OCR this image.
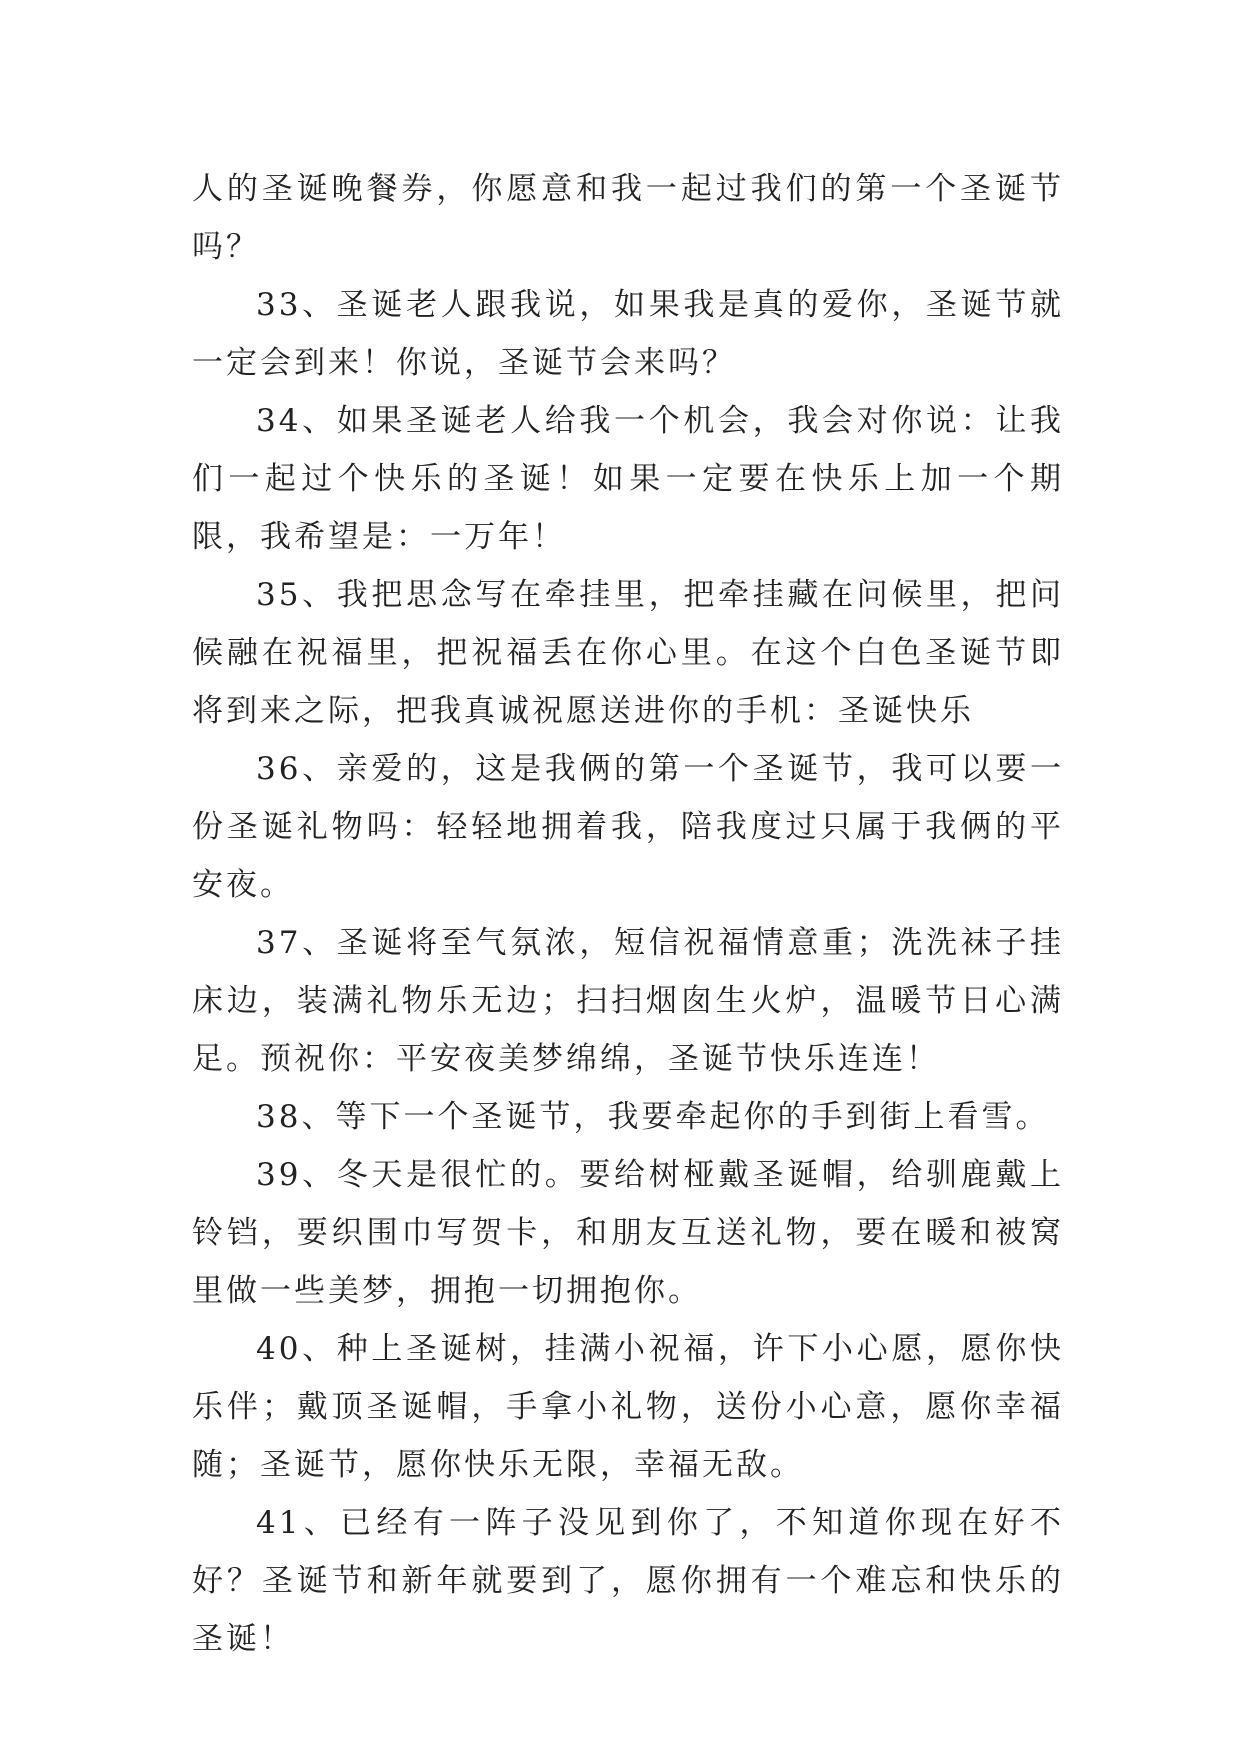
人的圣诞晚餐券，你愿意和我一起过我们的第一个圣诞节吗？

33、圣诞老人跟我说，如果我是真的爱你，圣诞节就一定会到来！你说，圣诞节会来吗？

34、如果圣诞老人给我一个机会，我会对你说：让我们一起过个快乐的圣诞！如果一定要在快乐上加一个期限，我希望是：一万年！

35、我把思念写在牵挂里，把牵挂藏在问候里，把问候融在祝福里，把祝福丢在你心里。在这个白色圣诞节即将到来之际，把我真诚祝愿送进你的手机：圣诞快乐

36、亲爱的，这是我俩的第一个圣诞节，我可以要一份圣诞礼物吗：轻轻地拥着我，陪我度过只属于我俩的平安夜。

37、圣诞将至气氛浓，短信祝福情意重；洗洗袜子挂床边，装满礼物乐无边；扫扫烟囱生火炉，温暖节日心满足。预祝你：平安夜美梦绵绵，圣诞节快乐连连！

38、等下一个圣诞节，我要牵起你的手到街上看雪。

39、冬天是很忙的。要给树桠戴圣诞帽，给驯鹿戴上铃铛，要织围巾写贺卡，和朋友互送礼物，要在暖和被窝里做一些美梦，拥抱一切拥抱你。

40、种上圣诞树，挂满小祝福，许下小心愿，愿你快乐伴；戴顶圣诞帽，手拿小礼物，送份小心意，愿你幸福随；圣诞节，愿你快乐无限，幸福无敌。

41、已经有一阵子没见到你了，不知道你现在好不好？圣诞节和新年就要到了，愿你拥有一个难忘和快乐的圣诞！
